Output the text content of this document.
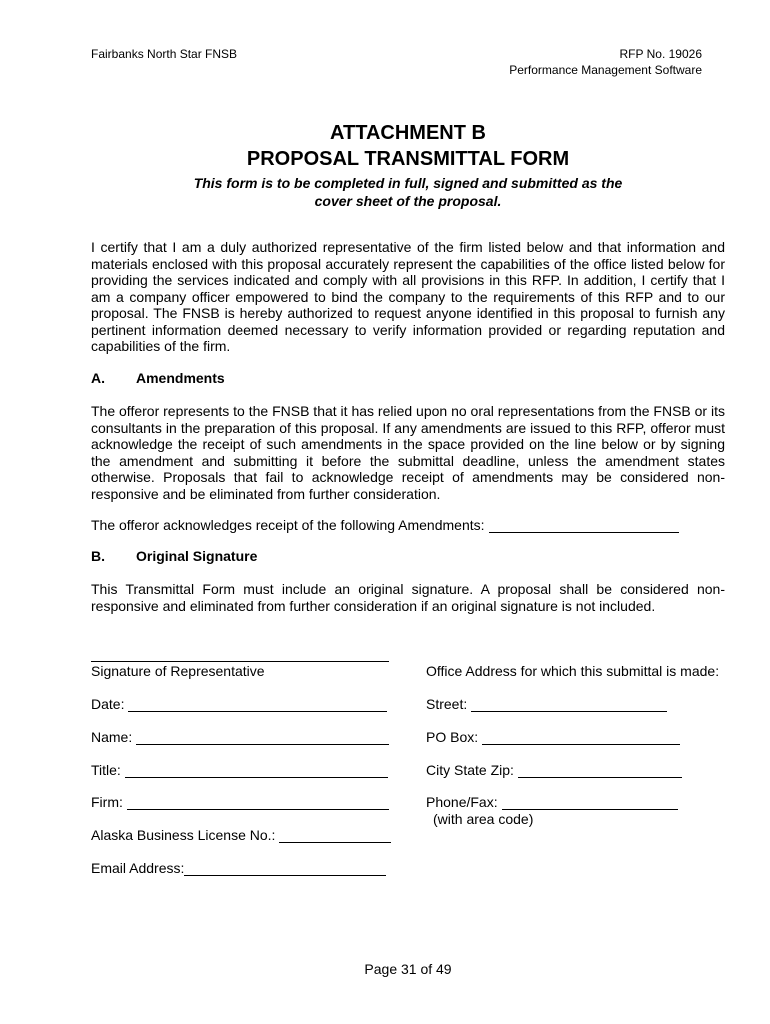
Fairbanks North Star FNSB	RFP No. 19026
Performance Management Software
ATTACHMENT B
PROPOSAL TRANSMITTAL FORM
This form is to be completed in full, signed and submitted as the
cover sheet of the proposal.
I certify that I am a duly authorized representative of the firm listed below and that information and materials enclosed with this proposal accurately represent the capabilities of the office listed below for providing the services indicated and comply with all provisions in this RFP. In addition, I certify that I am a company officer empowered to bind the company to the requirements of this RFP and to our proposal. The FNSB is hereby authorized to request anyone identified in this proposal to furnish any pertinent information deemed necessary to verify information provided or regarding reputation and capabilities of the firm.
A. Amendments
The offeror represents to the FNSB that it has relied upon no oral representations from the FNSB or its consultants in the preparation of this proposal. If any amendments are issued to this RFP, offeror must acknowledge the receipt of such amendments in the space provided on the line below or by signing the amendment and submitting it before the submittal deadline, unless the amendment states otherwise. Proposals that fail to acknowledge receipt of amendments may be considered non-responsive and be eliminated from further consideration.
The offeror acknowledges receipt of the following Amendments:
B. Original Signature
This Transmittal Form must include an original signature. A proposal shall be considered non-responsive and eliminated from further consideration if an original signature is not included.
Signature of Representative
Date:
Name:
Title:
Firm:
Alaska Business License No.:
Email Address:
Office Address for which this submittal is made:
Street:
PO Box:
City State Zip:
Phone/Fax:
(with area code)
Page 31 of 49
